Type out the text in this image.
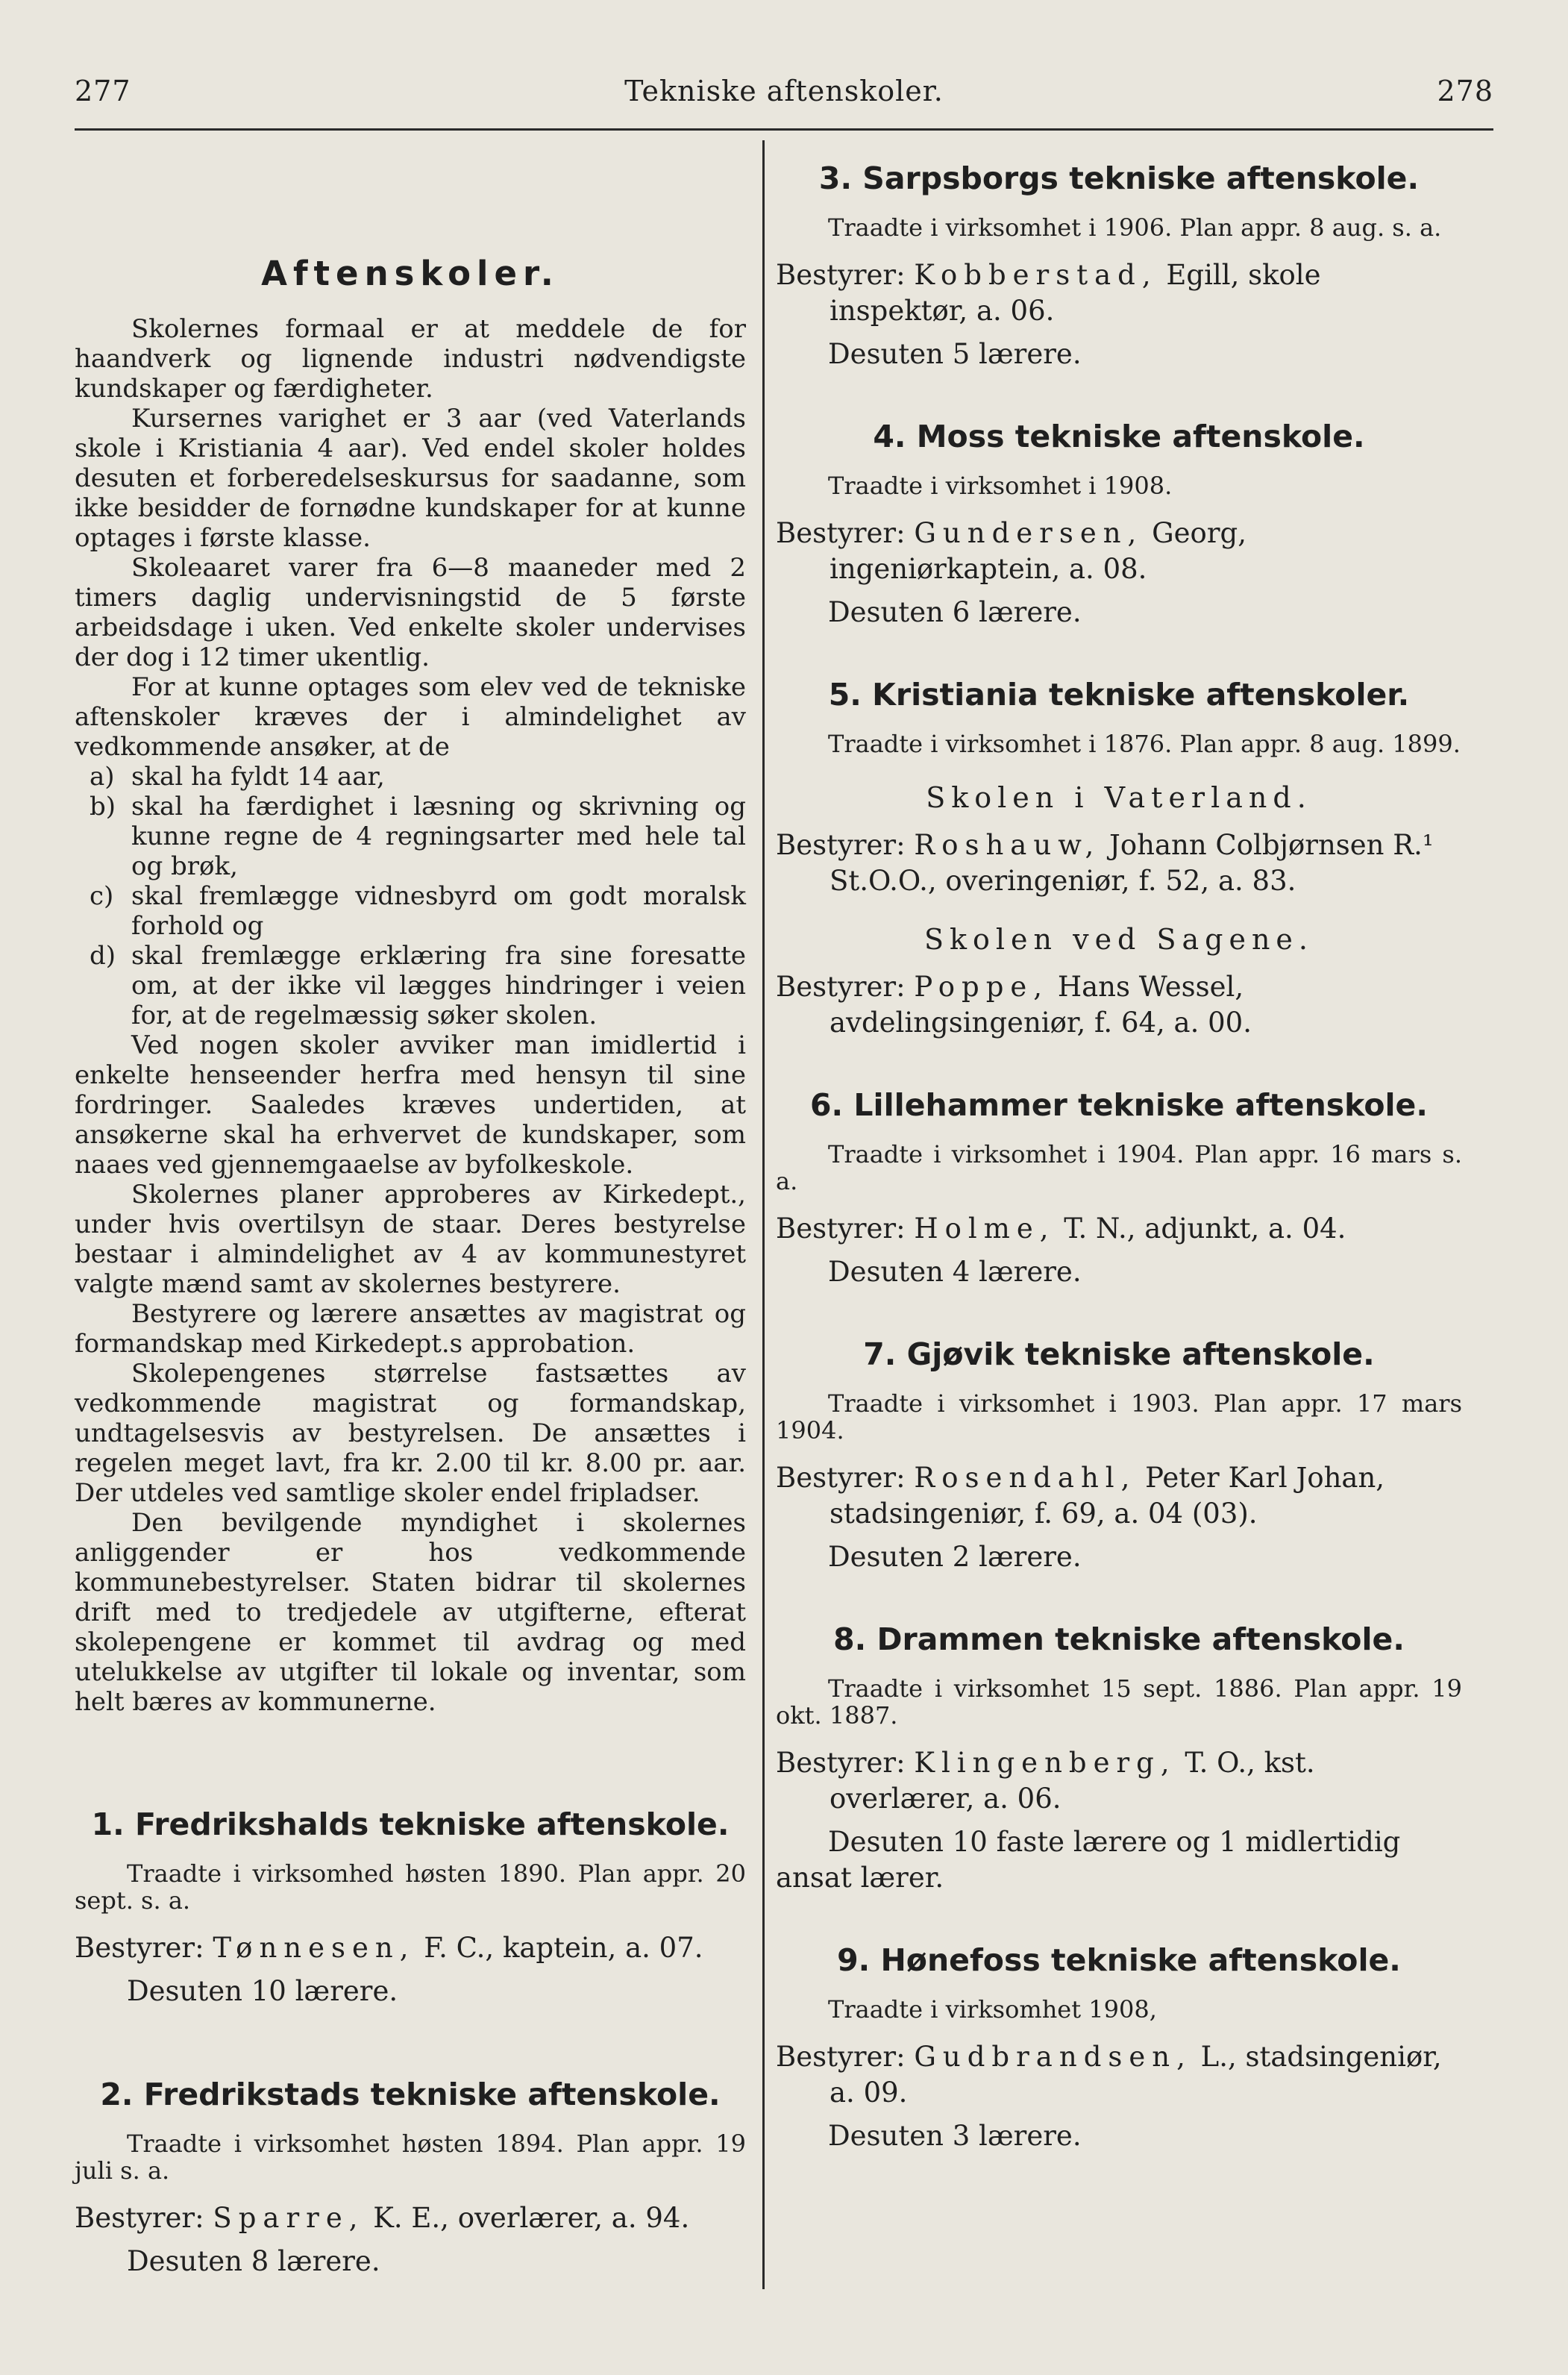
Tekniske aftenskoler.
277	278
Aftenskoler.

Skolernes formaal er at meddele de for haandverk og lignende industri nødvendigste kundskaper og færdigheter.

Kursernes varighet er 3 aar (ved Vaterlands skole i Kristiania 4 aar). Ved endel skoler holdes desuten et forberedelseskursus for saadanne, som ikke besidder de fornødne kundskaper for at kunne optages i første klasse.

Skoleaaret varer fra 6—8 maaneder med 2 timers daglig undervisningstid de 5 første arbeidsdage i uken. Ved enkelte skoler undervises der dog i 12 timer ukentlig.

For at kunne optages som elev ved de tekniske aftenskoler kræves der i almindelighet av vedkommende ansøker, at de

a) skal ha fyldt 14 aar,
b) skal ha færdighet i læsning og skrivning og kunne regne de 4 regningsarter med hele tal og brøk,
c) skal fremlægge vidnesbyrd om godt moralsk forhold og
d) skal fremlægge erklæring fra sine foresatte om, at der ikke vil lægges hindringer i veien for, at de regelmæssig søker skolen.

Ved nogen skoler avviker man imidlertid i enkelte henseender herfra med hensyn til sine fordringer. Saaledes kræves undertiden, at ansøkerne skal ha erhvervet de kundskaper, som naaes ved gjennemgaaelse av byfolkeskole.

Skolernes planer approberes av Kirkedept., under hvis overtilsyn de staar. Deres bestyrelse bestaar i almindelighet av 4 av kommunestyret valgte mænd samt av skolernes bestyrere.

Bestyrere og lærere ansættes av magistrat og formandskap med Kirkedept.s approbation.

Skolepengenes størrelse fastsættes av vedkommende magistrat og formandskap, undtagelsesvis av bestyrelsen. De ansættes i regelen meget lavt, fra kr. 2.00 til kr. 8.00 pr. aar. Der utdeles ved samtlige skoler endel fripladser.

Den bevilgende myndighet i skolernes anliggender er hos vedkommende kommunebestyrelser. Staten bidrar til skolernes drift med to tredjedele av utgifterne, efterat skolepengene er kommet til avdrag og med utelukkelse av utgifter til lokale og inventar, som helt bæres av kommunerne.

1. Fredrikshalds tekniske aftenskole.
Traadte i virksomhed høsten 1890. Plan appr. 20 sept. s. a.
Bestyrer: Tønnesen, F. C., kaptein, a. 07.
Desuten 10 lærere.
2. Fredrikstads tekniske aftenskole.
Traadte i virksomhet høsten 1894. Plan appr. 19 juli s. a.
Bestyrer: Sparre, K. E., overlærer, a. 94.
Desuten 8 lærere.
3. Sarpsborgs tekniske aftenskole.
Traadte i virksomhet i 1906. Plan appr. 8 aug. s. a.
Bestyrer: Kobberstad, Egill, skole inspektør, a. 06.
Desuten 5 lærere.
4. Moss tekniske aftenskole.
Traadte i virksomhet i 1908.
Bestyrer: Gundersen, Georg, ingeniørkaptein, a. 08.
Desuten 6 lærere.
5. Kristiania tekniske aftenskoler.
Traadte i virksomhet i 1876. Plan appr. 8 aug. 1899.
Skolen i Vaterland.
Bestyrer: Roshauw, Johann Colbjørnsen R.¹ St.O.O., overingeniør, f. 52, a. 83.
Skolen ved Sagene.
Bestyrer: Poppe, Hans Wessel, avdelingsingeniør, f. 64, a. 00.
6. Lillehammer tekniske aftenskole.
Traadte i virksomhet i 1904. Plan appr. 16 mars s. a.
Bestyrer: Holme, T. N., adjunkt, a. 04.
Desuten 4 lærere.
7. Gjøvik tekniske aftenskole.
Traadte i virksomhet i 1903. Plan appr. 17 mars 1904.
Bestyrer: Rosendahl, Peter Karl Johan, stadsingeniør, f. 69, a. 04 (03).
Desuten 2 lærere.
8. Drammen tekniske aftenskole.
Traadte i virksomhet 15 sept. 1886. Plan appr. 19 okt. 1887.
Bestyrer: Klingenberg, T. O., kst. overlærer, a. 06.
Desuten 10 faste lærere og 1 midlertidig ansat lærer.
9. Hønefoss tekniske aftenskole.
Traadte i virksomhet 1908,
Bestyrer: Gudbrandsen, L., stadsingeniør, a. 09.
Desuten 3 lærere.
